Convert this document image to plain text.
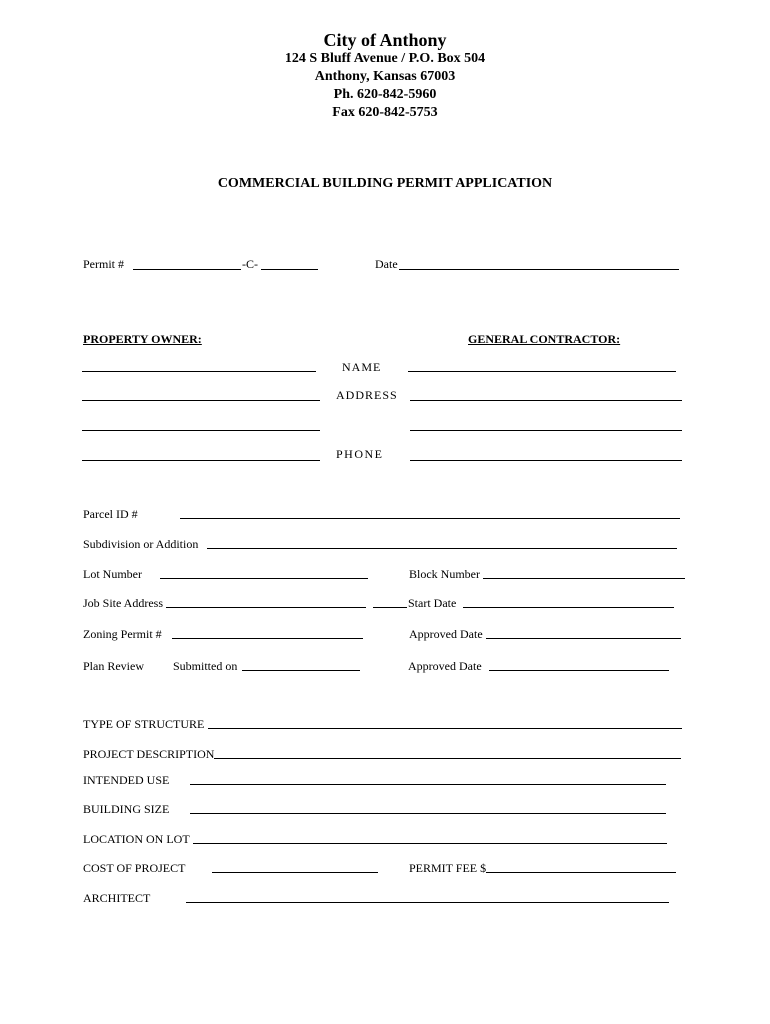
City of Anthony
124 S Bluff Avenue / P.O. Box 504
Anthony, Kansas 67003
Ph. 620-842-5960
Fax 620-842-5753
COMMERCIAL BUILDING PERMIT APPLICATION
Permit #	-C-	Date
PROPERTY OWNER:	GENERAL CONTRACTOR:
NAME
ADDRESS
PHONE
Parcel ID #
Subdivision or Addition
Lot Number	Block Number
Job Site Address	Start Date
Zoning Permit #	Approved Date
Plan Review Submitted on	Approved Date
TYPE OF STRUCTURE
PROJECT DESCRIPTION
INTENDED USE
BUILDING SIZE
LOCATION ON LOT
COST OF PROJECT	PERMIT FEE $
ARCHITECT
